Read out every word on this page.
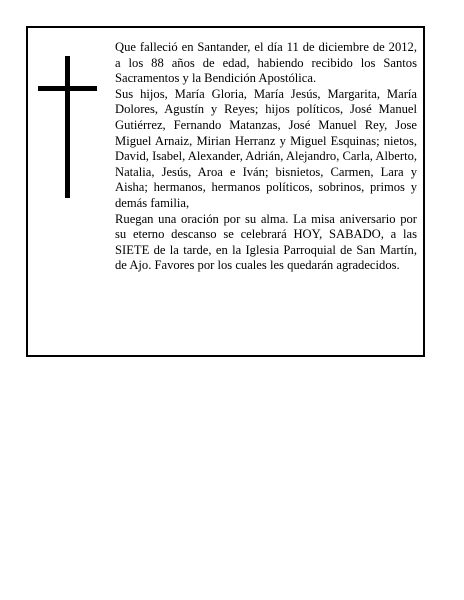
Que falleció en Santander, el día 11 de diciembre de 2012, a los 88 años de edad, habiendo recibido los Santos Sacramentos y la Bendición Apostólica.

Sus hijos, María Gloria, María Jesús, Margarita, María Dolores, Agustín y Reyes; hijos políticos, José Manuel Gutiérrez, Fernando Matanzas, José Manuel Rey, Jose Miguel Arnaiz, Mirian Herranz y Miguel Esquinas; nietos, David, Isabel, Alexander, Adrián, Alejandro, Carla, Alberto, Natalia, Jesús, Aroa e Iván; bisnietos, Carmen, Lara y Aisha; hermanos, hermanos políticos, sobrinos, primos y demás familia,

Ruegan una oración por su alma. La misa aniversario por su eterno descanso se celebrará HOY, SABADO, a las SIETE de la tarde, en la Iglesia Parroquial de San Martín, de Ajo. Favores por los cuales les quedarán agradecidos.
